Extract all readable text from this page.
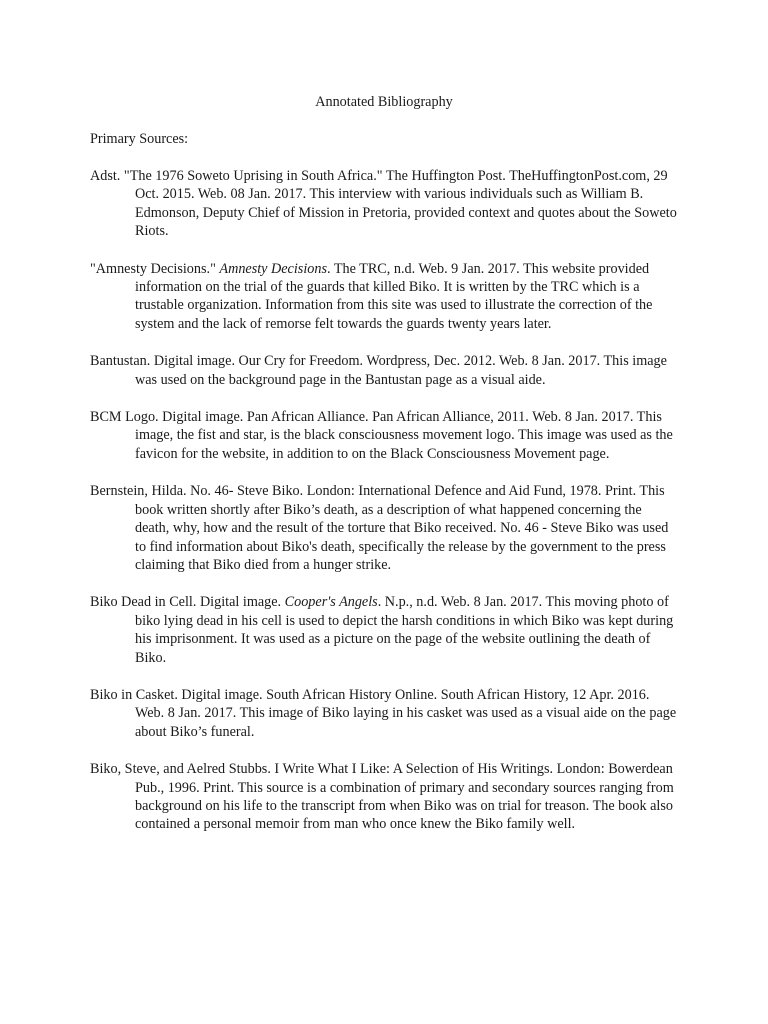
Annotated Bibliography
Primary Sources:
Adst. "The 1976 Soweto Uprising in South Africa." The Huffington Post. TheHuffingtonPost.com, 29 Oct. 2015. Web. 08 Jan. 2017. This interview with various individuals such as William B. Edmonson, Deputy Chief of Mission in Pretoria, provided context and quotes about the Soweto Riots.
"Amnesty Decisions." Amnesty Decisions. The TRC, n.d. Web. 9 Jan. 2017. This website provided information on the trial of the guards that killed Biko. It is written by the TRC which is a trustable organization. Information from this site was used to illustrate the correction of the system and the lack of remorse felt towards the guards twenty years later.
Bantustan. Digital image. Our Cry for Freedom. Wordpress, Dec. 2012. Web. 8 Jan. 2017. This image was used on the background page in the Bantustan page as a visual aide.
BCM Logo. Digital image. Pan African Alliance. Pan African Alliance, 2011. Web. 8 Jan. 2017. This image, the fist and star, is the black consciousness movement logo. This image was used as the favicon for the website, in addition to on the Black Consciousness Movement page.
Bernstein, Hilda. No. 46- Steve Biko. London: International Defence and Aid Fund, 1978. Print. This book written shortly after Biko’s death, as a description of what happened concerning the death, why, how and the result of the torture that Biko received. No. 46 - Steve Biko was used to find information about Biko's death, specifically the release by the government to the press claiming that Biko died from a hunger strike.
Biko Dead in Cell. Digital image. Cooper's Angels. N.p., n.d. Web. 8 Jan. 2017. This moving photo of biko lying dead in his cell is used to depict the harsh conditions in which Biko was kept during his imprisonment. It was used as a picture on the page of the website outlining the death of Biko.
Biko in Casket. Digital image. South African History Online. South African History, 12 Apr. 2016. Web. 8 Jan. 2017. This image of Biko laying in his casket was used as a visual aide on the page about Biko’s funeral.
Biko, Steve, and Aelred Stubbs. I Write What I Like: A Selection of His Writings. London: Bowerdean Pub., 1996. Print. This source is a combination of primary and secondary sources ranging from background on his life to the transcript from when Biko was on trial for treason. The book also contained a personal memoir from man who once knew the Biko family well.
